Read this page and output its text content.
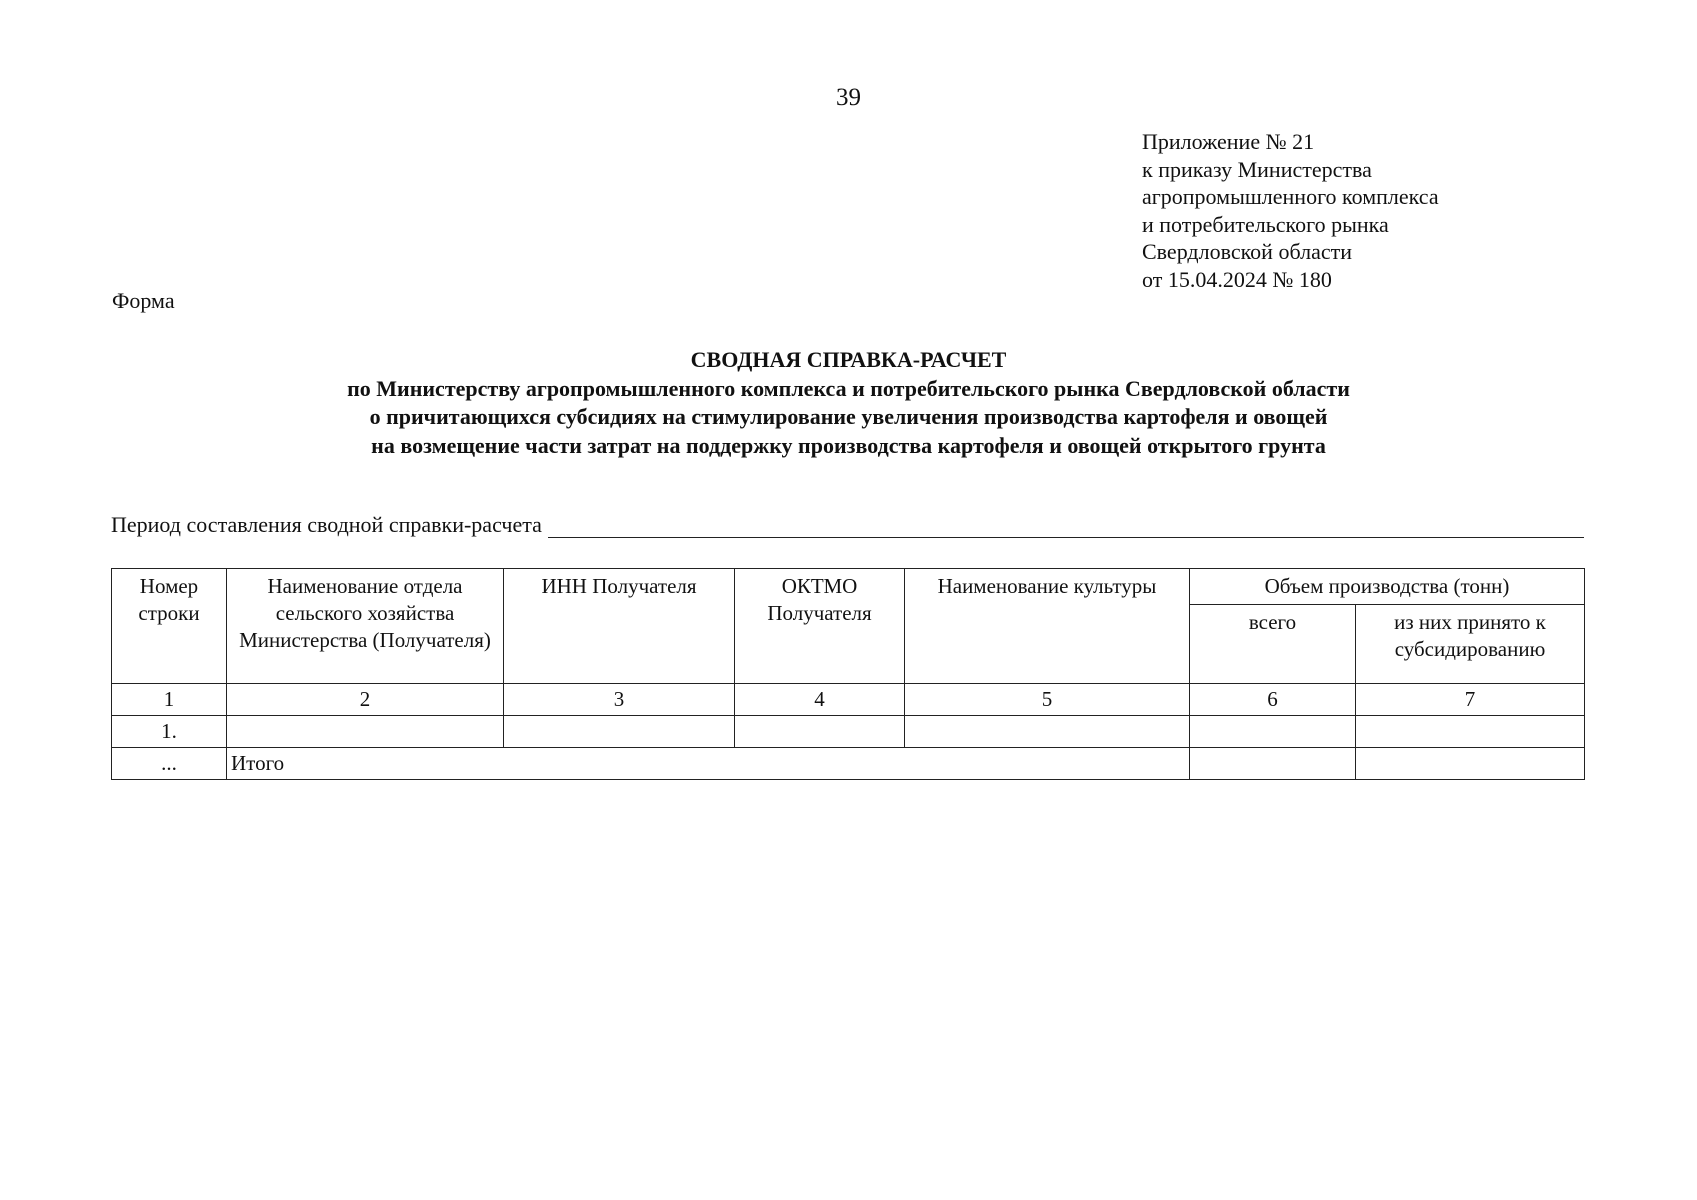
39
Приложение № 21
к приказу Министерства
агропромышленного комплекса
и потребительского рынка
Свердловской области
от 15.04.2024 № 180
Форма
СВОДНАЯ СПРАВКА-РАСЧЕТ
по Министерству агропромышленного комплекса и потребительского рынка Свердловской области
о причитающихся субсидиях на стимулирование увеличения производства картофеля и овощей
на возмещение части затрат на поддержку производства картофеля и овощей открытого грунта
Период составления сводной справки-расчета
Номер строки	Наименование отдела сельского хозяйства Министерства (Получателя)	ИНН Получателя	ОКТМО Получателя	Наименование культуры	Объем производства (тонн)	
					всего	из них принято к субсидированию
1	2	3	4	5	6	7
1.						
...	Итого					
